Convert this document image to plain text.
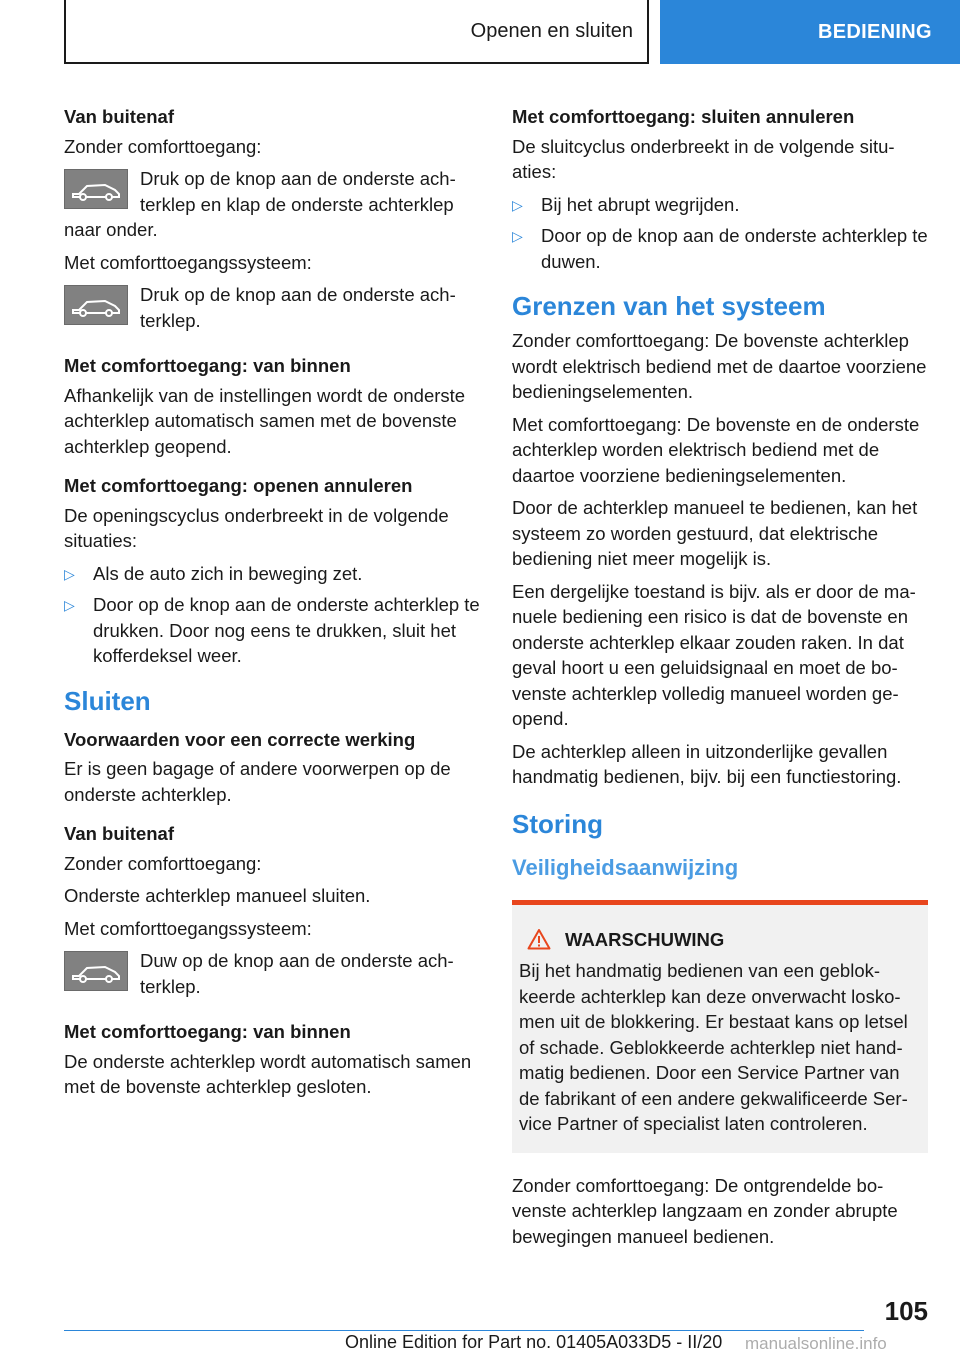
Openen en sluiten	BEDIENING
Van buitenaf

Zonder comforttoegang:

Druk op de knop aan de onderste achterklep en klap de onderste achterklep naar onder.

Met comforttoegangssysteem:

Druk op de knop aan de onderste achterklep.
Met comforttoegang: van binnen

Afhankelijk van de instellingen wordt de onderste achterklep automatisch samen met de bovenste achterklep geopend.

Met comforttoegang: openen annuleren

De openingscyclus onderbreekt in de volgende situaties:

▷ Als de auto zich in beweging zet.
▷ Door op de knop aan de onderste achterklep te drukken. Door nog eens te drukken, sluit het kofferdeksel weer.
Sluiten
Voorwaarden voor een correcte werking

Er is geen bagage of andere voorwerpen op de onderste achterklep.

Van buitenaf

Zonder comforttoegang:

Onderste achterklep manueel sluiten.

Met comforttoegangssysteem:

Duw op de knop aan de onderste achterklep.
Met comforttoegang: van binnen

De onderste achterklep wordt automatisch samen met de bovenste achterklep gesloten.

Met comforttoegang: sluiten annuleren

De sluitcyclus onderbreekt in de volgende situaties:

▷ Bij het abrupt wegrijden.
▷ Door op de knop aan de onderste achterklep te duwen.
Grenzen van het systeem

Zonder comforttoegang: De bovenste achterklep wordt elektrisch bediend met de daartoe voorziene bedieningselementen.

Met comforttoegang: De bovenste en de onderste achterklep worden elektrisch bediend met de daartoe voorziene bedieningselementen.

Door de achterklep manueel te bedienen, kan het systeem zo worden gestuurd, dat elektrische bediening niet meer mogelijk is.

Een dergelijke toestand is bijv. als er door de manuele bediening een risico is dat de bovenste en onderste achterklep elkaar zouden raken. In dat geval hoort u een geluidsignaal en moet de bovenste achterklep volledig manueel worden geopend.

De achterklep alleen in uitzonderlijke gevallen handmatig bedienen, bijv. bij een functiestoring.

Storing
Veiligheidsaanwijzing
WAARSCHUWING
Bij het handmatig bedienen van een geblokkeerde achterklep kan deze onverwacht loskomen uit de blokkering. Er bestaat kans op letsel of schade. Geblokkeerde achterklep niet handmatig bedienen. Door een Service Partner van de fabrikant of een andere gekwalificeerde Service Partner of specialist laten controleren.

Zonder comforttoegang: De ontgrendelde bovenste achterklep langzaam en zonder abrupte bewegingen manueel bedienen.

105
Online Edition for Part no. 01405A033D5 - II/20 manualsonline.info
